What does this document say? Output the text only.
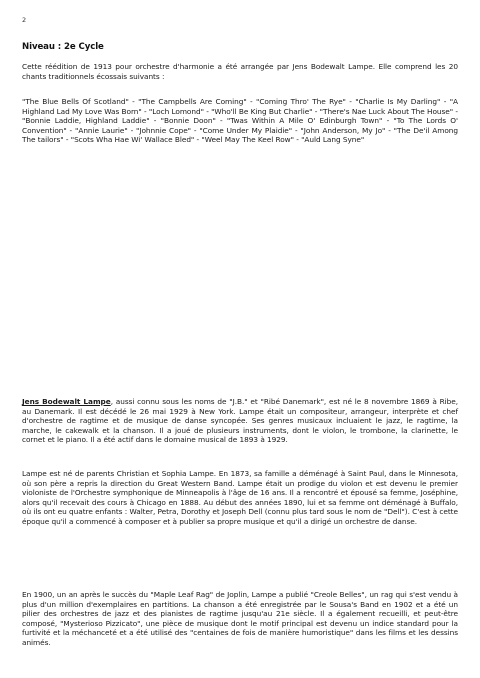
2
Niveau : 2e Cycle

Cette réédition de 1913 pour orchestre d'harmonie a été arrangée par Jens Bodewalt Lampe. Elle comprend les 20 chants traditionnels écossais suivants :

"The Blue Bells Of Scotland" - "The Campbells Are Coming" - "Coming Thro' The Rye" - "Charlie Is My Darling" - "A Highland Lad My Love Was Born" - "Loch Lomond" - "Who'll Be King But Charlie" - "There's Nae Luck About The House" - "Bonnie Laddie, Highland Laddie" - "Bonnie Doon" - "Twas Within A Mile O' Edinburgh Town" - "To The Lords O' Convention" - "Annie Laurie" - "Johnnie Cope" - "Come Under My Plaidie" - "John Anderson, My Jo" - "The De'il Among The tailors" - "Scots Wha Hae Wi' Wallace Bled" - "Weel May The Keel Row" - "Auld Lang Syne"

Jens Bodewalt Lampe, aussi connu sous les noms de "J.B." et "Ribé Danemark", est né le 8 novembre 1869 à Ribe, au Danemark. Il est décédé le 26 mai 1929 à New York. Lampe était un compositeur, arrangeur, interprète et chef d'orchestre de ragtime et de musique de danse syncopée. Ses genres musicaux incluaient le jazz, le ragtime, la marche, le cakewalk et la chanson. Il a joué de plusieurs instruments, dont le violon, le trombone, la clarinette, le cornet et le piano. Il a été actif dans le domaine musical de 1893 à 1929.

Lampe est né de parents Christian et Sophia Lampe. En 1873, sa famille a déménagé à Saint Paul, dans le Minnesota, où son père a repris la direction du Great Western Band. Lampe était un prodige du violon et est devenu le premier violoniste de l'Orchestre symphonique de Minneapolis à l'âge de 16 ans. Il a rencontré et épousé sa femme, Joséphine, alors qu'il recevait des cours à Chicago en 1888. Au début des années 1890, lui et sa femme ont déménagé à Buffalo, où ils ont eu quatre enfants : Walter, Petra, Dorothy et Joseph Dell (connu plus tard sous le nom de "Dell"). C'est à cette époque qu'il a commencé à composer et à publier sa propre musique et qu'il a dirigé un orchestre de danse.

En 1900, un an après le succès du "Maple Leaf Rag" de Joplin, Lampe a publié "Creole Belles", un rag qui s'est vendu à plus d'un million d'exemplaires en partitions. La chanson a été enregistrée par le Sousa's Band en 1902 et a été un pilier des orchestres de jazz et des pianistes de ragtime jusqu'au 21e siècle. Il a également recueilli, et peut-être composé, "Mysterioso Pizzicato", une pièce de musique dont le motif principal est devenu un indice standard pour la furtivité et la méchanceté et a été utilisé des "centaines de fois de manière humoristique" dans les films et les dessins animés.
